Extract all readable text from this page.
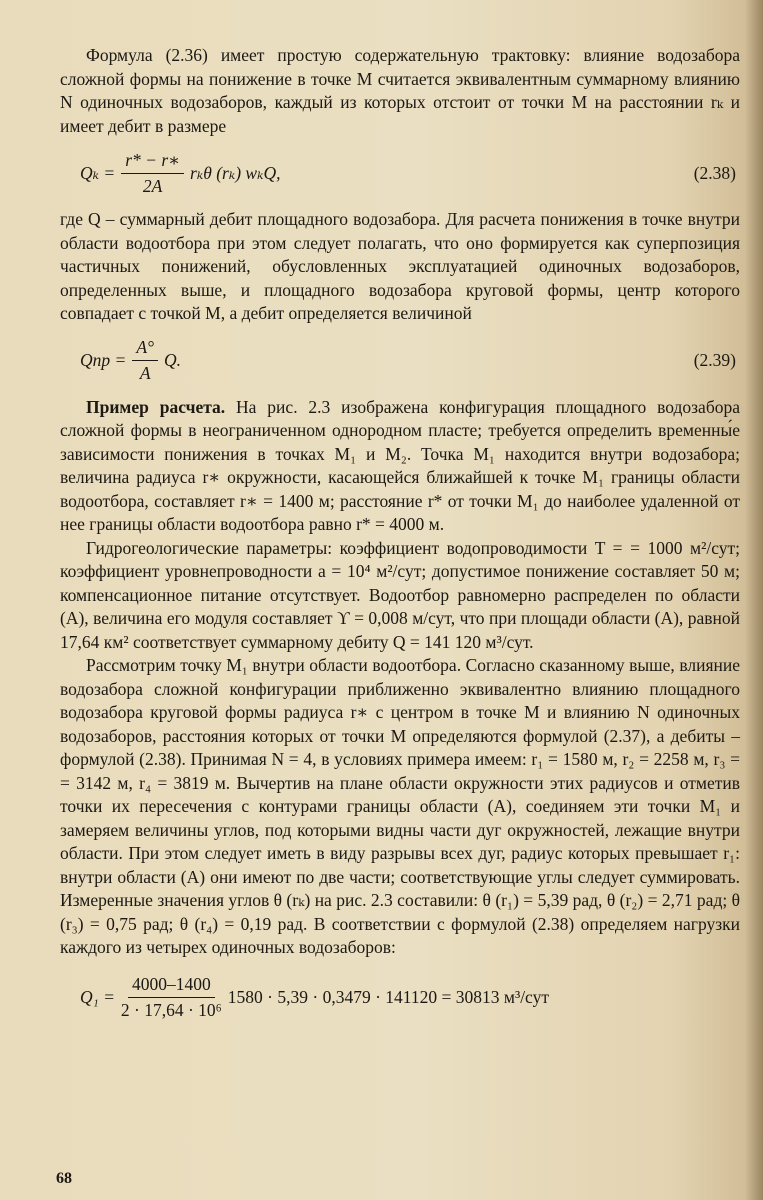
Формула (2.36) имеет простую содержательную трактовку: влияние водозабора сложной формы на понижение в точке M считается эквивалентным суммарному влиянию N одиночных водозаборов, каждый из которых отстоит от точки M на расстоянии rₖ и имеет дебит в размере

$Q_k = \frac{r* - r∗}{2A}$ rₖθ (rₖ) wₖQ,	(2.38)

где Q – суммарный дебит площадного водозабора. Для расчета понижения в точке внутри области водоотбора при этом следует полагать, что оно формируется как суперпозиция частичных понижений, обусловленных эксплуатацией одиночных водозаборов, определенных выше, и площадного водозабора круговой формы, центр которого совпадает с точкой M, а дебит определяется величиной

Qпр = $\frac{A^\circ}{A} Q$.	(2.39)

Пример расчета. На рис. 2.3 изображена конфигурация площадного водозабора сложной формы в неограниченном однородном пласте; требуется определить временны́е зависимости понижения в точках M₁ и M₂. Точка M₁ находится внутри водозабора; величина радиуса r∗ окружности, касающейся ближайшей к точке M₁ границы области водоотбора, составляет r∗ = 1400 м; расстояние r* от точки M₁ до наиболее удаленной от нее границы области водоотбора равно r* = 4000 м.

Гидрогеологические параметры: коэффициент водопроводимости T = = 1000 м²/сут; коэффициент уровнепроводности a = 10⁴ м²/сут; допустимое понижение составляет 50 м; компенсационное питание отсутствует. Водоотбор равномерно распределен по области (A), величина его модуля составляет ϒ = 0,008 м/сут, что при площади области (A), равной 17,64 км² соответствует суммарному дебиту Q = 141 120 м³/сут.

Рассмотрим точку M₁ внутри области водоотбора. Согласно сказанному выше, влияние водозабора сложной конфигурации приближенно эквивалентно влиянию площадного водозабора круговой формы радиуса r∗ с центром в точке M и влиянию N одиночных водозаборов, расстояния которых от точки M определяются формулой (2.37), а дебиты – формулой (2.38). Принимая N = 4, в условиях примера имеем: r₁ = 1580 м, r₂ = 2258 м, r₃ = = 3142 м, r₄ = 3819 м. Вычертив на плане области окружности этих радиусов и отметив точки их пересечения с контурами границы области (A), соединяем эти точки M₁ и замеряем величины углов, под которыми видны части дуг окружностей, лежащие внутри области. При этом следует иметь в виду разрывы всех дуг, радиус которых превышает r₁: внутри области (A) они имеют по две части; соответствующие углы следует суммировать. Измеренные значения углов θ (rₖ) на рис. 2.3 составили: θ (r₁) = 5,39 рад, θ (r₂) = 2,71 рад; θ (r₃) = 0,75 рад; θ (r₄) = 0,19 рад. В соответствии с формулой (2.38) определяем нагрузки каждого из четырех одиночных водозаборов:

$Q_1 = \frac{4000-1400}{\text{2 · 17,64 · 10⁶}} 1580 \cdot 5,39 \cdot 0,3479 \cdot 141120 = 30813$ м³/сут
68
